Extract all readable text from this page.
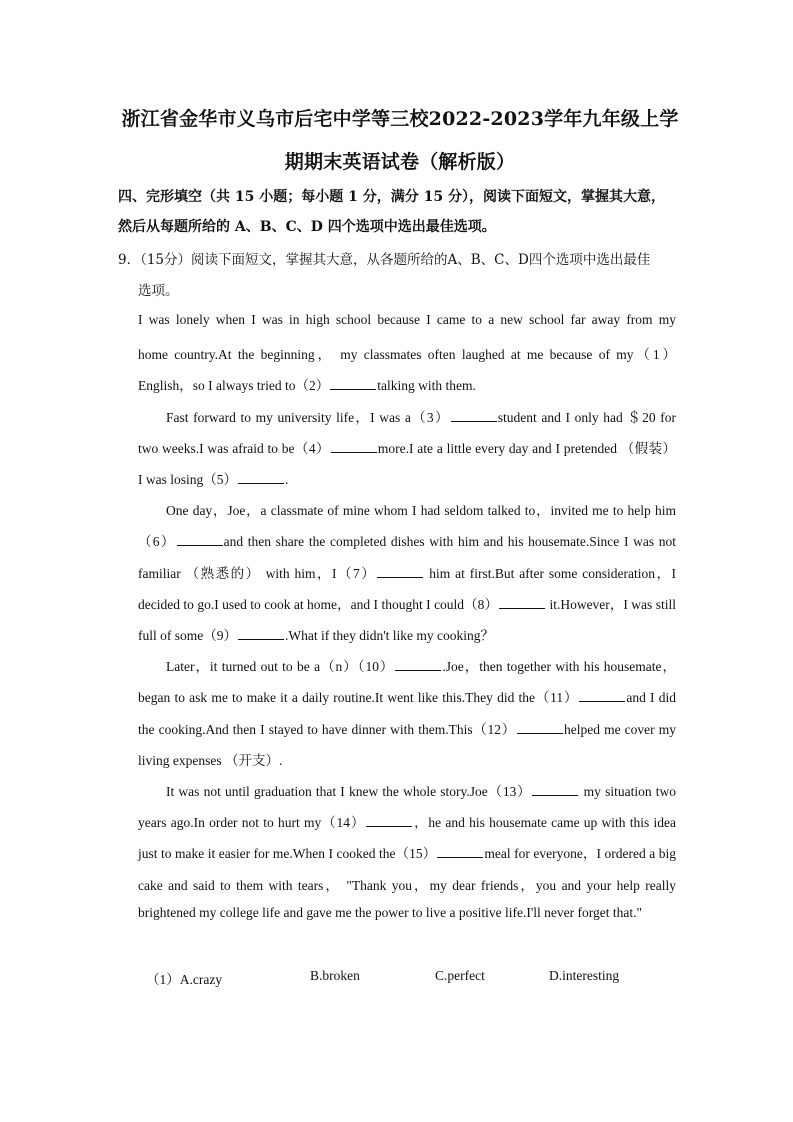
浙江省金华市义乌市后宅中学等三校2022-2023学年九年级上学
期期末英语试卷（解析版）
四、完形填空（共 15 小题；每小题 1 分，满分 15 分），阅读下面短文，掌握其大意，
然后从每题所给的 A、B、C、D 四个选项中选出最佳选项。
9．（15分）阅读下面短文，掌握其大意，从各题所给的A、B、C、D四个选项中选出最佳
选项。
I was lonely when I was in high school because I came to a new school far away from my
home country.At the beginning， my classmates often laughed at me because of my（1）
English，so I always tried to（2）	talking with them.
Fast forward to my university life，I was a（3）	student and I only had ＄20 for
two weeks.I was afraid to be（4）	more.I ate a little every day and I pretended （假装）
I was losing（5）	.
One day，Joe，a classmate of mine whom I had seldom talked to，invited me to help him
（6）	and then share the completed dishes with him and his housemate.Since I was not
familiar （熟悉的） with him，I（7）	him at first.But after some consideration，I
decided to go.I used to cook at home，and I thought I could（8）	it.However，I was still
full of some（9）	.What if they didn't like my cooking？
Later，it turned out to be a（n）（10）	.Joe，then together with his housemate，
began to ask me to make it a daily routine.It went like this.They did the（11）	and I did
the cooking.And then I stayed to have dinner with them.This（12）	helped me cover my
living expenses （开支）.
It was not until graduation that I knew the whole story.Joe（13）	my situation two
years ago.In order not to hurt my（14）	，he and his housemate came up with this idea
just to make it easier for me.When I cooked the（15）	meal for everyone，I ordered a big
cake and said to them with tears， "Thank you，my dear friends，you and your help really
brightened my college life and gave me the power to live a positive life.I'll never forget that."
（1）A.crazy	B.broken	C.perfect	D.interesting
